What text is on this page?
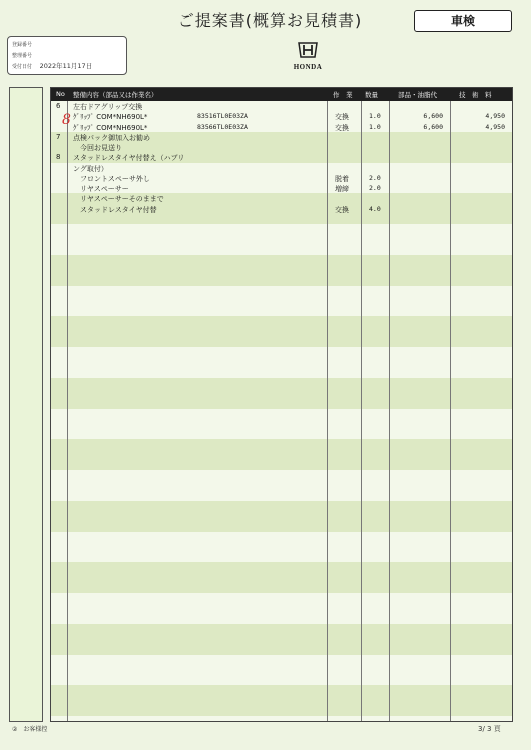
ご提案書(概算お見積書)	車検
登録番号
整理番号
受付日付 2022年11月17日	HONDA
No 整備内容（部品又は作業名）	作　業 数量	部品・油脂代	技　術　料
6 左右ドアグリップ交換
ｸﾞﾘｯﾌﾟ COM*NH690L*	83516TL0E03ZA	交換	1.0	6,600	4,950
ｸﾞﾘｯﾌﾟ COM*NH690L*	83566TL0E03ZA	交換	1.0	6,600	4,950
7 点検パック御加入お勧め
　今回お見送り
8 スタッドレスタイヤ付替え（ハブリ
ング取付）
　フロントスペーサ外し	脱着	2.0
　リヤスペーサー	増締	2.0
　リヤスペーサーそのままで
　スタッドレスタイヤ付替	交換	4.0
8
②　お客様控	3/ 3 頁
